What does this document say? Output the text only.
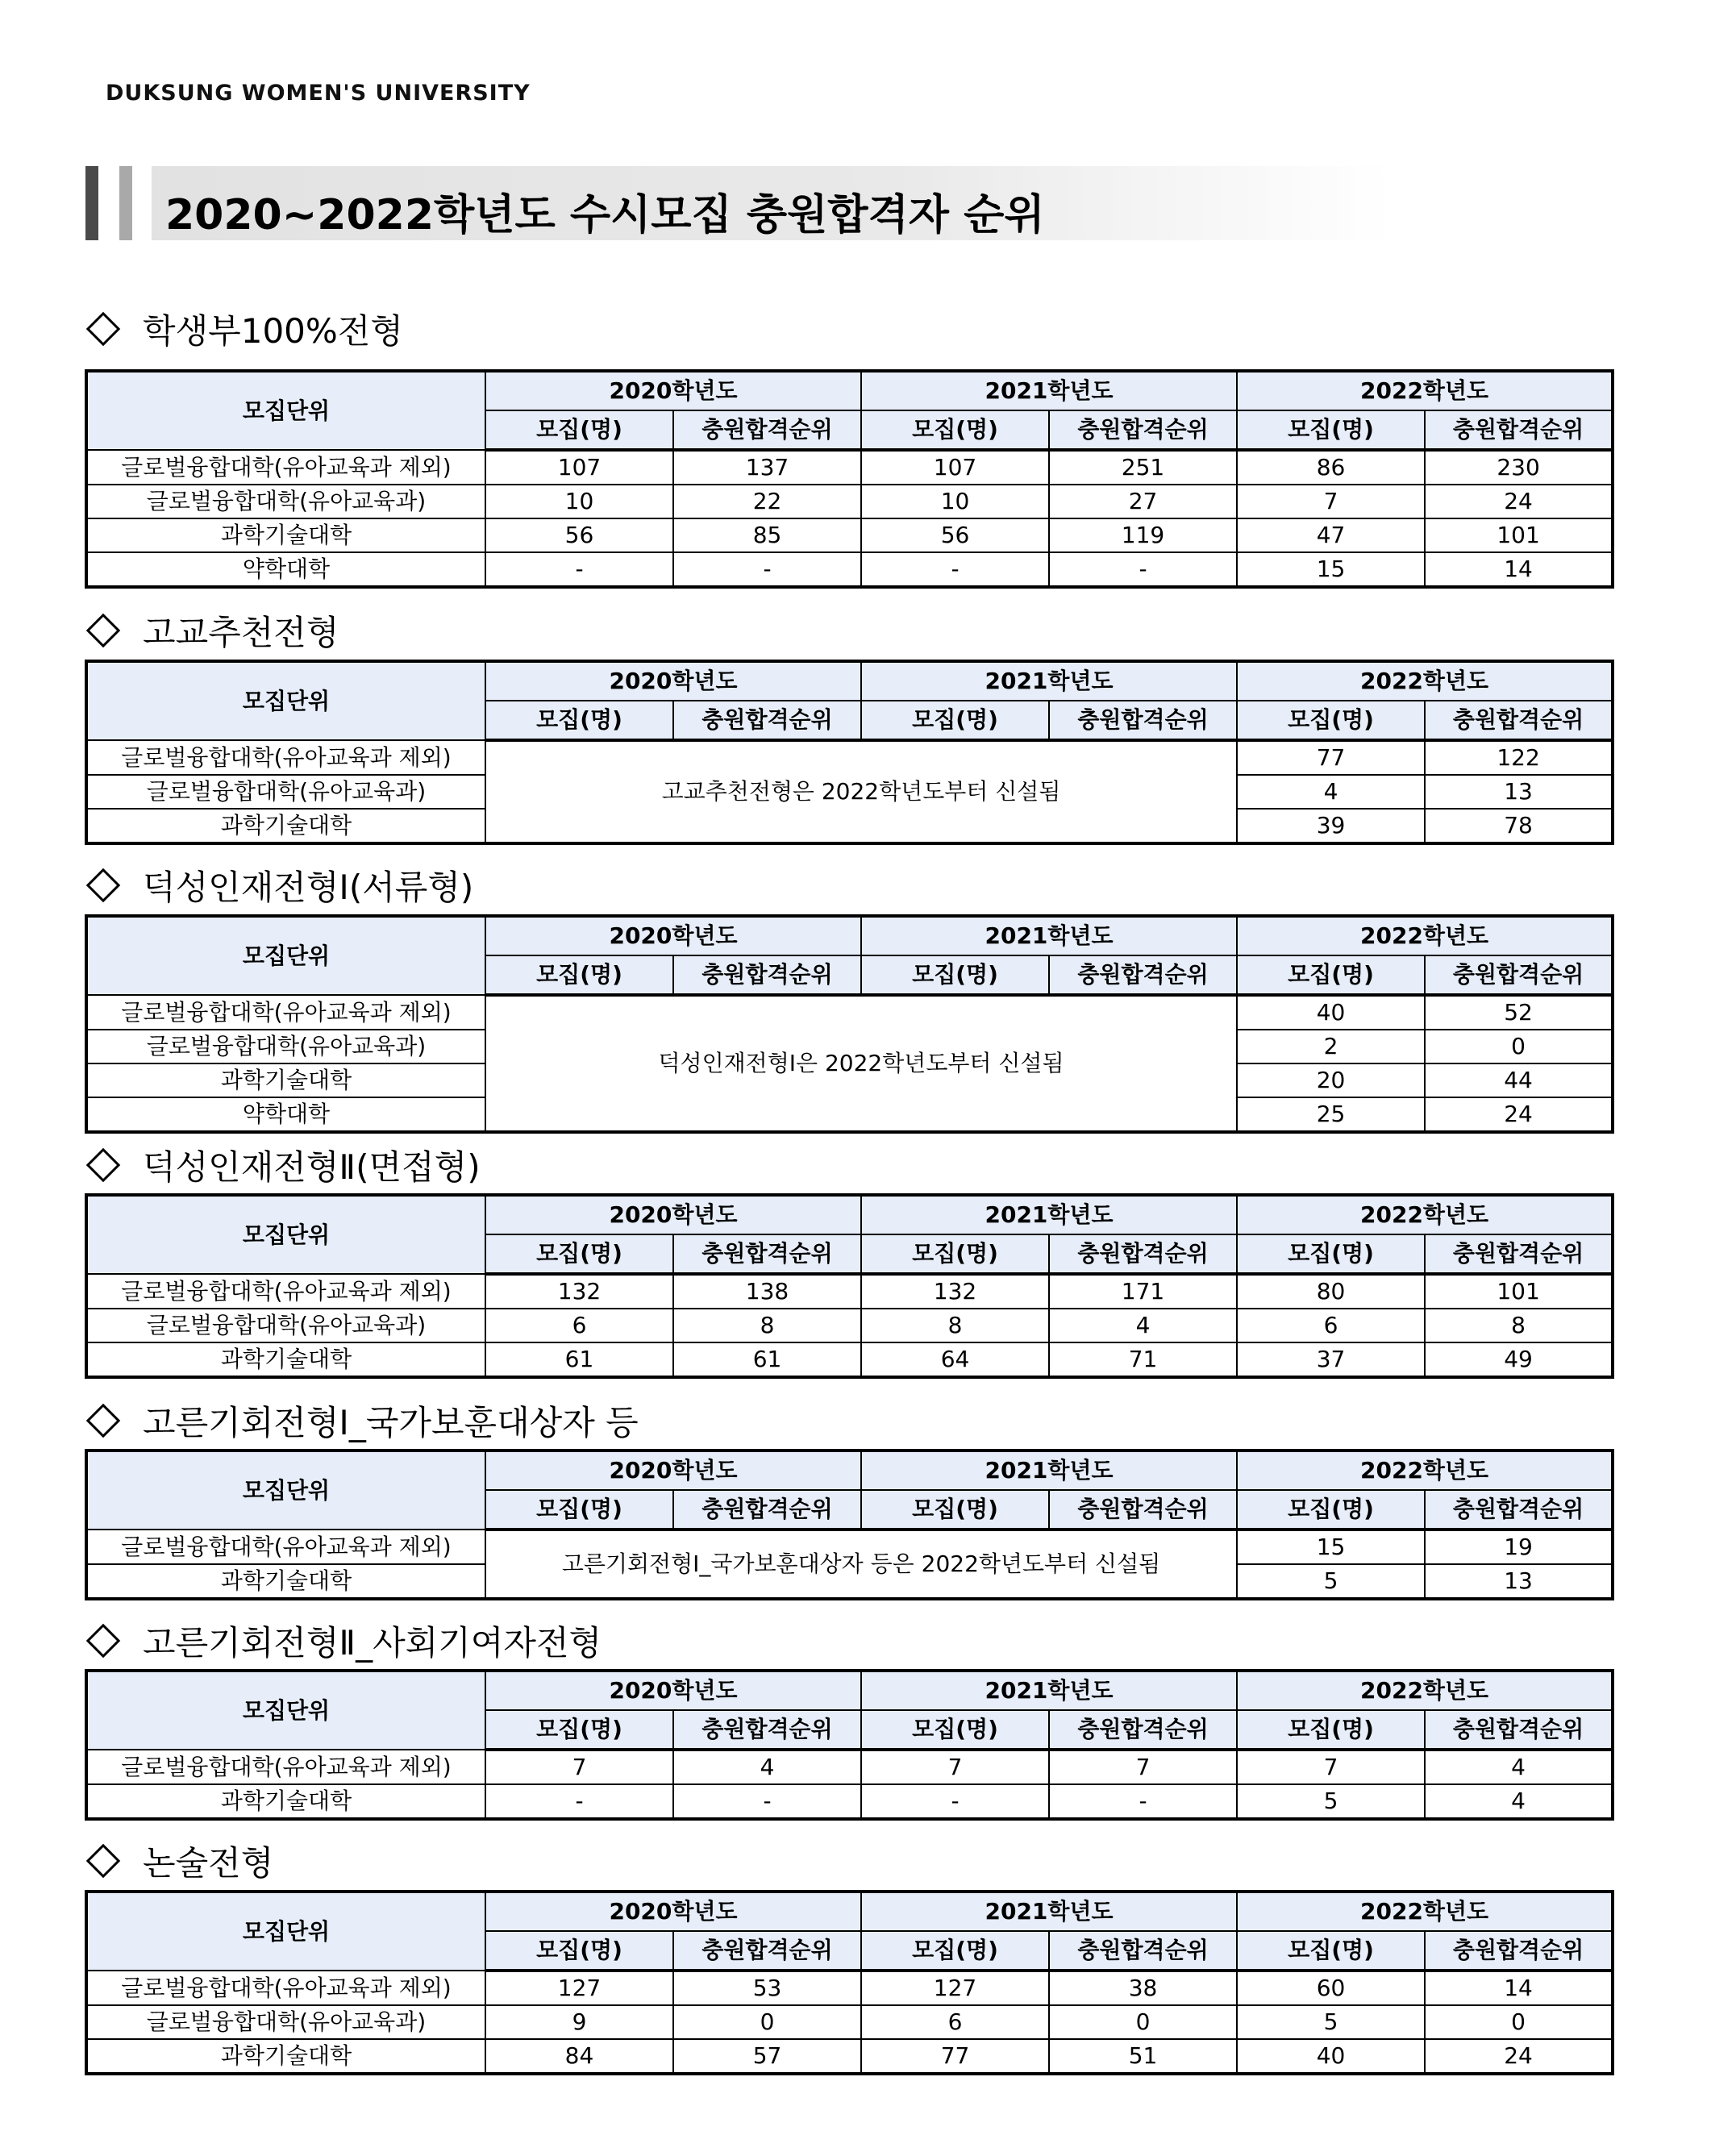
DUKSUNG WOMEN'S UNIVERSITY
2020~2022학년도 수시모집 충원합격자 순위
학생부100%전형
모집단위	2020학년도		2021학년도		2022학년도	
	모집(명)	충원합격순위	모집(명)	충원합격순위	모집(명)	충원합격순위
글로벌융합대학(유아교육과 제외)	107	137	107	251	86	230
글로벌융합대학(유아교육과)	10	22	10	27	7	24
과학기술대학	56	85	56	119	47	101
약학대학	-	-	-	-	15	14
고교추천전형
모집단위	2020학년도		2021학년도		2022학년도	
	모집(명)	충원합격순위	모집(명)	충원합격순위	모집(명)	충원합격순위
글로벌융합대학(유아교육과 제외)	고교추천전형은 2022학년도부터 신설됨				77	122
글로벌융합대학(유아교육과)					4	13
과학기술대학					39	78
덕성인재전형Ⅰ(서류형)
모집단위	2020학년도		2021학년도		2022학년도	
	모집(명)	충원합격순위	모집(명)	충원합격순위	모집(명)	충원합격순위
글로벌융합대학(유아교육과 제외)	덕성인재전형Ⅰ은 2022학년도부터 신설됨				40	52
글로벌융합대학(유아교육과)					2	0
과학기술대학					20	44
약학대학					25	24
덕성인재전형Ⅱ(면접형)
모집단위	2020학년도		2021학년도		2022학년도	
	모집(명)	충원합격순위	모집(명)	충원합격순위	모집(명)	충원합격순위
글로벌융합대학(유아교육과 제외)	132	138	132	171	80	101
글로벌융합대학(유아교육과)	6	8	8	4	6	8
과학기술대학	61	61	64	71	37	49
고른기회전형Ⅰ_국가보훈대상자 등
모집단위	2020학년도		2021학년도		2022학년도	
	모집(명)	충원합격순위	모집(명)	충원합격순위	모집(명)	충원합격순위
글로벌융합대학(유아교육과 제외)	고른기회전형Ⅰ_국가보훈대상자 등은 2022학년도부터 신설됨				15	19
과학기술대학					5	13
고른기회전형Ⅱ_사회기여자전형
모집단위	2020학년도		2021학년도		2022학년도	
	모집(명)	충원합격순위	모집(명)	충원합격순위	모집(명)	충원합격순위
글로벌융합대학(유아교육과 제외)	7	4	7	7	7	4
과학기술대학	-	-	-	-	5	4
논술전형
모집단위	2020학년도		2021학년도		2022학년도	
	모집(명)	충원합격순위	모집(명)	충원합격순위	모집(명)	충원합격순위
글로벌융합대학(유아교육과 제외)	127	53	127	38	60	14
글로벌융합대학(유아교육과)	9	0	6	0	5	0
과학기술대학	84	57	77	51	40	24
